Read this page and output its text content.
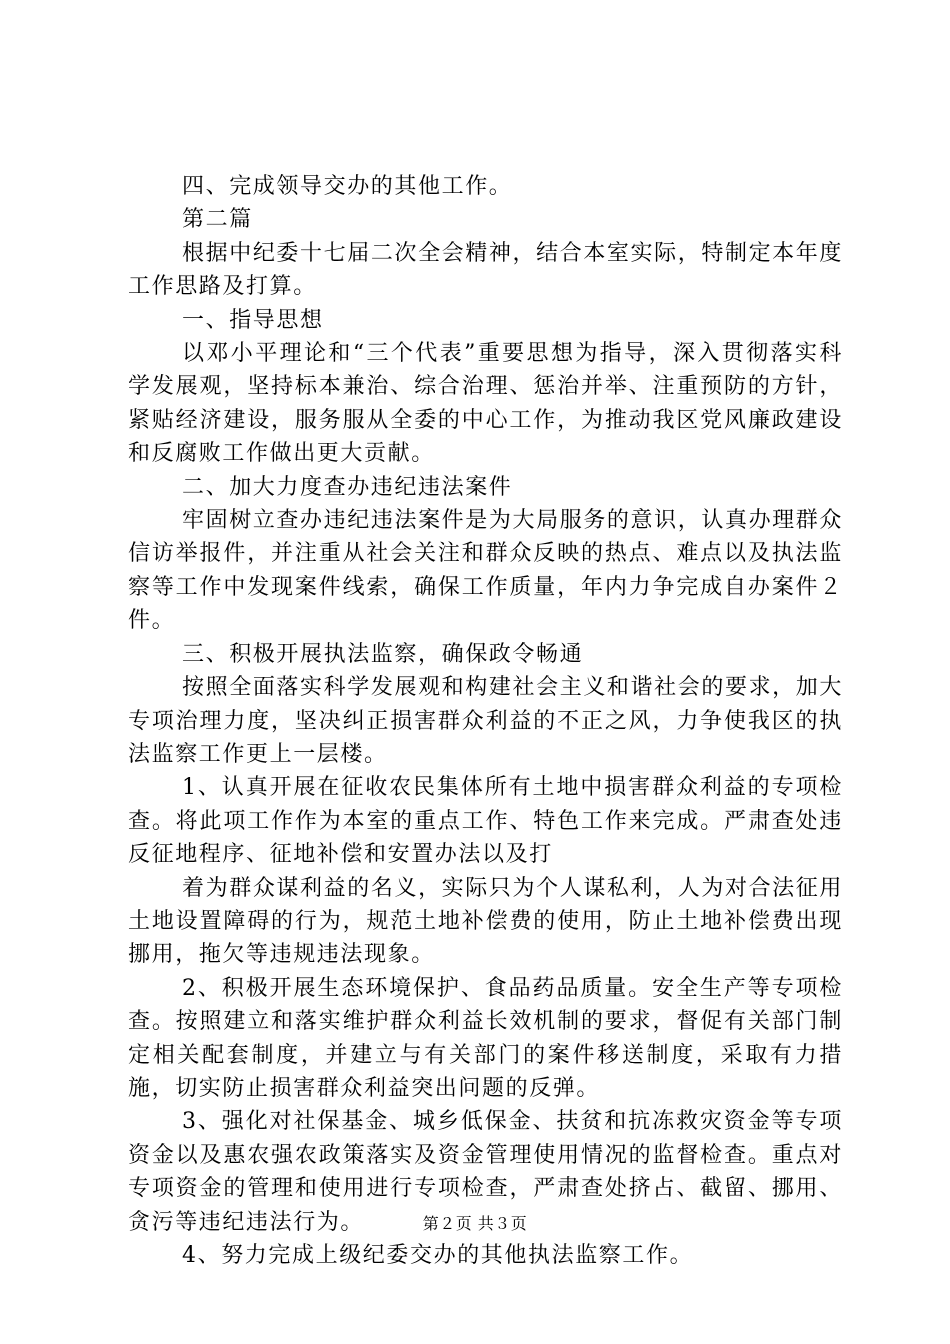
四、完成领导交办的其他工作。

第二篇

根据中纪委十七届二次全会精神，结合本室实际，特制定本年度工作思路及打算。

一、指导思想

以邓小平理论和“三个代表”重要思想为指导，深入贯彻落实科学发展观，坚持标本兼治、综合治理、惩治并举、注重预防的方针，紧贴经济建设，服务服从全委的中心工作，为推动我区党风廉政建设和反腐败工作做出更大贡献。

二、加大力度查办违纪违法案件

牢固树立查办违纪违法案件是为大局服务的意识，认真办理群众信访举报件，并注重从社会关注和群众反映的热点、难点以及执法监察等工作中发现案件线索，确保工作质量，年内力争完成自办案件２件。

三、积极开展执法监察，确保政令畅通

按照全面落实科学发展观和构建社会主义和谐社会的要求，加大专项治理力度，坚决纠正损害群众利益的不正之风，力争使我区的执法监察工作更上一层楼。

1、认真开展在征收农民集体所有土地中损害群众利益的专项检查。将此项工作作为本室的重点工作、特色工作来完成。严肃查处违反征地程序、征地补偿和安置办法以及打

着为群众谋利益的名义，实际只为个人谋私利，人为对合法征用土地设置障碍的行为，规范土地补偿费的使用，防止土地补偿费出现挪用，拖欠等违规违法现象。

2、积极开展生态环境保护、食品药品质量。安全生产等专项检查。按照建立和落实维护群众利益长效机制的要求，督促有关部门制定相关配套制度，并建立与有关部门的案件移送制度，采取有力措施，切实防止损害群众利益突出问题的反弹。

3、强化对社保基金、城乡低保金、扶贫和抗冻救灾资金等专项资金以及惠农强农政策落实及资金管理使用情况的监督检查。重点对专项资金的管理和使用进行专项检查，严肃查处挤占、截留、挪用、贪污等违纪违法行为。

4、努力完成上级纪委交办的其他执法监察工作。

第２页 共３页
